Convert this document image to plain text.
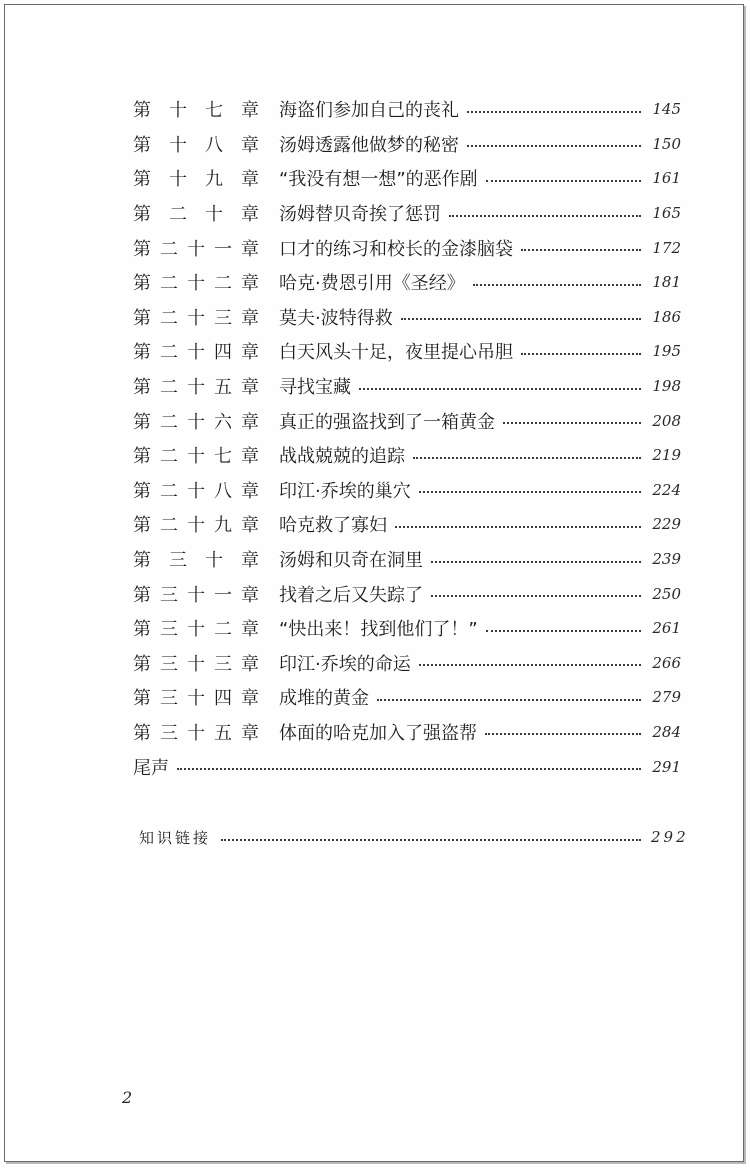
第十七章 海盗们参加自己的丧礼	145
第十八章 汤姆透露他做梦的秘密	150
第十九章 “我没有想一想”的恶作剧	161
第二十章 汤姆替贝奇挨了惩罚	165
第二十一章 口才的练习和校长的金漆脑袋	172
第二十二章 哈克·费恩引用《圣经》	181
第二十三章 莫夫·波特得救	186
第二十四章 白天风头十足，夜里提心吊胆	195
第二十五章 寻找宝藏	198
第二十六章 真正的强盗找到了一箱黄金	208
第二十七章 战战兢兢的追踪	219
第二十八章 印江·乔埃的巢穴	224
第二十九章 哈克救了寡妇	229
第三十章 汤姆和贝奇在洞里	239
第三十一章 找着之后又失踪了	250
第三十二章 “快出来！找到他们了！”	261
第三十三章 印江·乔埃的命运	266
第三十四章 成堆的黄金	279
第三十五章 体面的哈克加入了强盗帮	284
尾声	291
知识链接	292
2
